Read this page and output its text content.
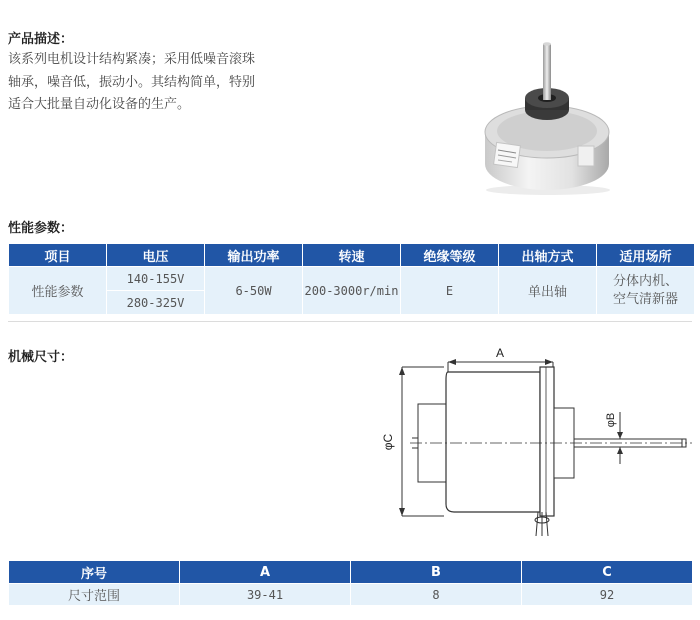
产品描述：
该系列电机设计结构紧凑；采用低噪音滚珠
轴承，噪音低，振动小。其结构简单，特别
适合大批量自动化设备的生产。
性能参数：
项目	电压	输出功率	转速	绝缘等级	出轴方式	适用场所
性能参数	140-155V	6-50W	200-3000r/min	E	单出轴	分体内机、
空气清新器

	280-325V					
机械尺寸：	A
φC
φB
序号	A	B	C
尺寸范围	39-41	8	92
